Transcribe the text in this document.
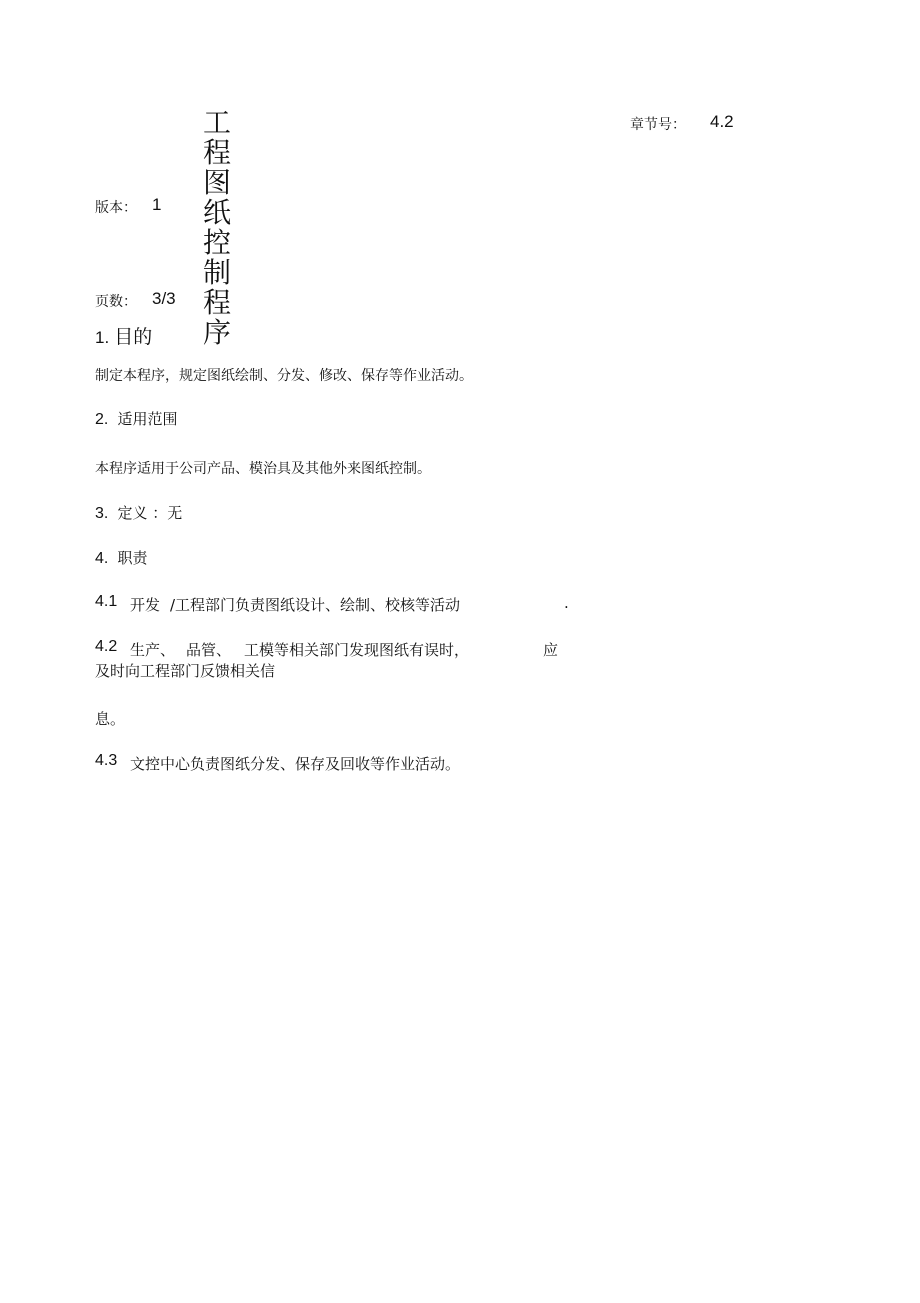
章节号： 4.2
版本： 1
页数： 3/3
工
程
图
纸
控
制
程
序
1. 目的
制定本程序，规定图纸绘制、分发、修改、保存等作业活动。
2. 适用范围
本程序适用于公司产品、模治具及其他外来图纸控制。
3. 定义 ：无
4. 职责
4.1 开发 /工程部门负责图纸设计、绘制、校核等活动	.
4.2 生产、 品管、 工模等相关部门发现图纸有误时，	应
及时向工程部门反馈相关信
息。
4.3 文控中心负责图纸分发、保存及回收等作业活动。
